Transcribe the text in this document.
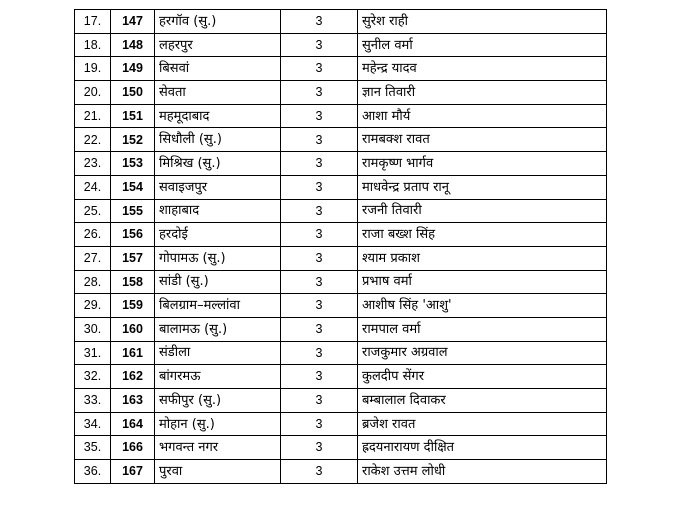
17.	147	हरगॉव (सु.)	3	सुरेश राही
18.	148	लहरपुर	3	सुनील वर्मा
19.	149	बिसवां	3	महेन्द्र यादव
20.	150	सेवता	3	ज्ञान तिवारी
21.	151	महमूदाबाद	3	आशा मौर्य
22.	152	सिधौली (सु.)	3	रामबक्श रावत
23.	153	मिश्रिख (सु.)	3	रामकृष्ण भार्गव
24.	154	सवाइजपुर	3	माधवेन्द्र प्रताप रानू
25.	155	शाहाबाद	3	रजनी तिवारी
26.	156	हरदोई	3	राजा बख्श सिंह
27.	157	गोपामऊ (सु.)	3	श्याम प्रकाश
28.	158	सांडी (सु.)	3	प्रभाष वर्मा
29.	159	बिलग्राम–मल्लांवा	3	आशीष सिंह 'आशु'
30.	160	बालामऊ (सु.)	3	रामपाल वर्मा
31.	161	संडीला	3	राजकुमार अग्रवाल
32.	162	बांगरमऊ	3	कुलदीप सेंगर
33.	163	सफीपुर (सु.)	3	बम्बालाल दिवाकर
34.	164	मोहान (सु.)	3	ब्रजेश रावत
35.	166	भगवन्त नगर	3	ह्रदयनारायण दीक्षित
36.	167	पुरवा	3	राकेश उत्तम लोधी
